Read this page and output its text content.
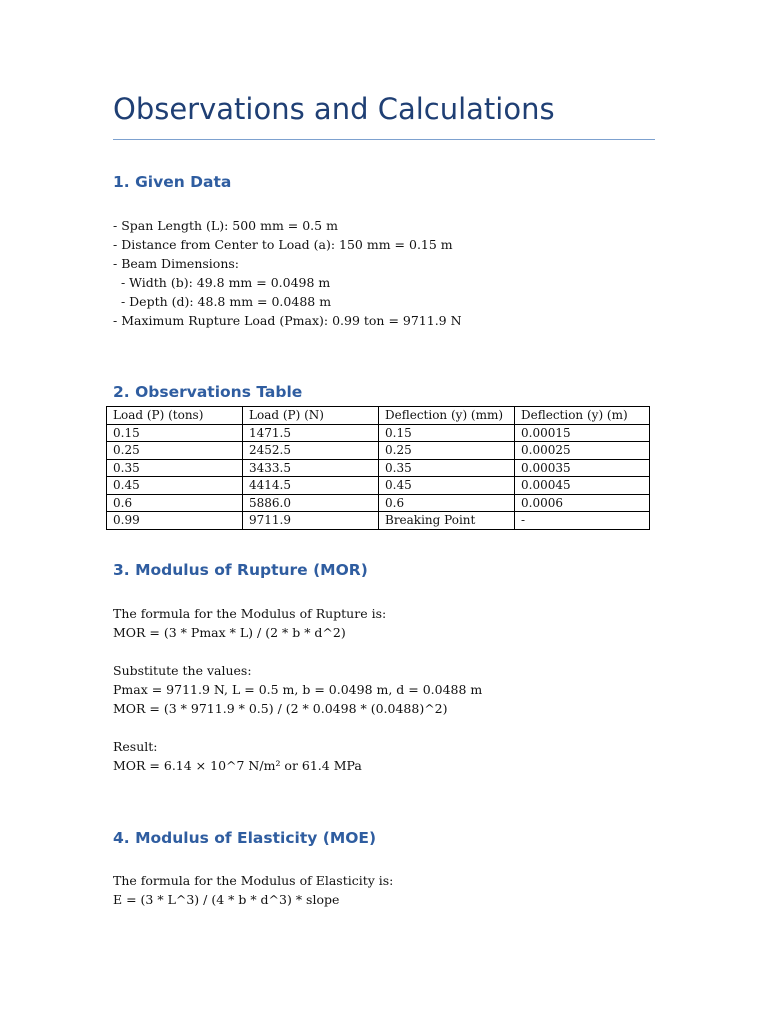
Observations and Calculations
1. Given Data
- Span Length (L): 500 mm = 0.5 m
- Distance from Center to Load (a): 150 mm = 0.15 m
- Beam Dimensions:
- Width (b): 49.8 mm = 0.0498 m
- Depth (d): 48.8 mm = 0.0488 m
- Maximum Rupture Load (Pmax): 0.99 ton = 9711.9 N
2. Observations Table
Load (P) (tons)	Load (P) (N)	Deflection (y) (mm)	Deflection (y) (m)
0.15	1471.5	0.15	0.00015
0.25	2452.5	0.25	0.00025
0.35	3433.5	0.35	0.00035
0.45	4414.5	0.45	0.00045
0.6	5886.0	0.6	0.0006
0.99	9711.9	Breaking Point	-
3. Modulus of Rupture (MOR)
The formula for the Modulus of Rupture is:
MOR = (3 * Pmax * L) / (2 * b * d^2)
Substitute the values:
Pmax = 9711.9 N, L = 0.5 m, b = 0.0498 m, d = 0.0488 m
MOR = (3 * 9711.9 * 0.5) / (2 * 0.0498 * (0.0488)^2)
Result:
MOR = 6.14 × 10^7 N/m² or 61.4 MPa
4. Modulus of Elasticity (MOE)
The formula for the Modulus of Elasticity is:
E = (3 * L^3) / (4 * b * d^3) * slope
